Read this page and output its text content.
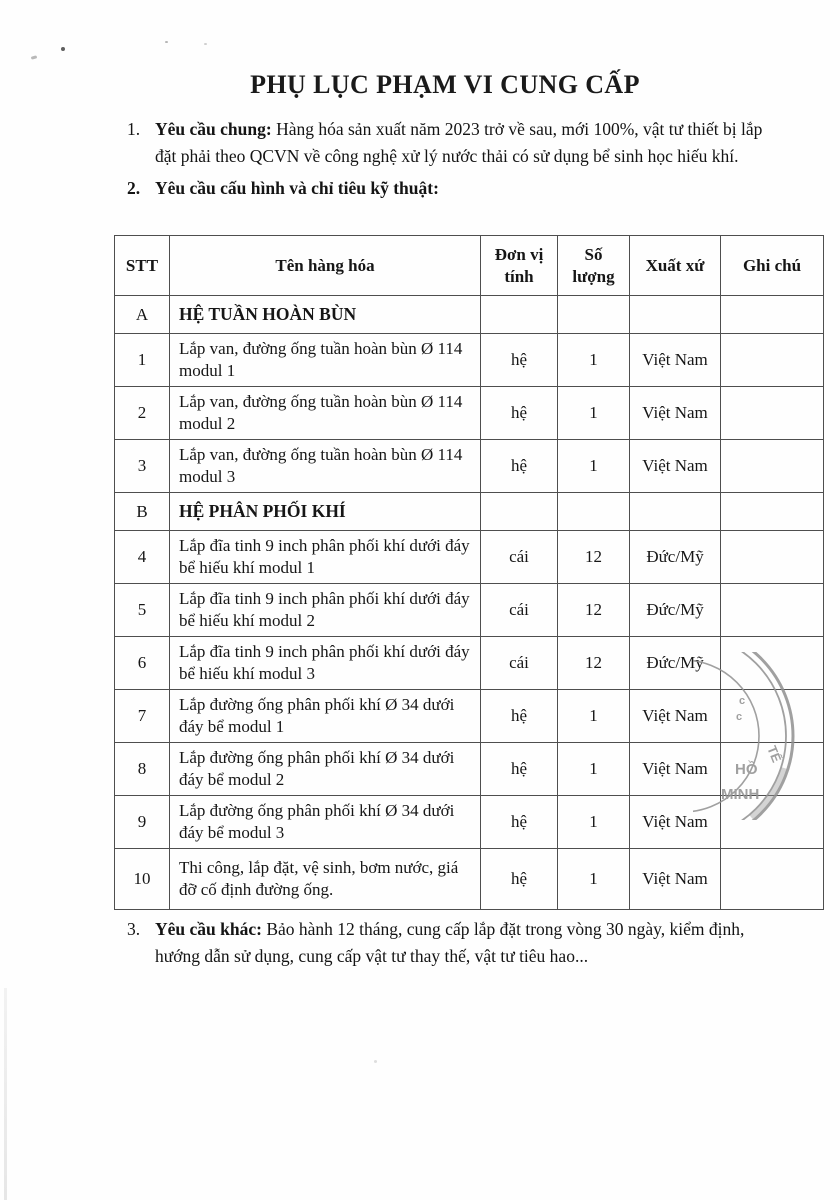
PHỤ LỤC PHẠM VI CUNG CẤP
1. Yêu cầu chung: Hàng hóa sản xuất năm 2023 trở về sau, mới 100%, vật tư thiết bị lắp đặt phải theo QCVN về công nghệ xử lý nước thải có sử dụng bể sinh học hiếu khí.
2. Yêu cầu cấu hình và chỉ tiêu kỹ thuật:
STT	Tên hàng hóa	Đơn vị tính	Số lượng	Xuất xứ	Ghi chú
A	HỆ TUẦN HOÀN BÙN				
1	Lắp van, đường ống tuần hoàn bùn Ø 114 modul 1	hệ	1	Việt Nam	
2	Lắp van, đường ống tuần hoàn bùn Ø 114 modul 2	hệ	1	Việt Nam	
3	Lắp van, đường ống tuần hoàn bùn Ø 114 modul 3	hệ	1	Việt Nam	
B	HỆ PHÂN PHỐI KHÍ				
4	Lắp đĩa tinh 9 inch phân phối khí dưới đáy bể hiếu khí modul 1	cái	12	Đức/Mỹ	
5	Lắp đĩa tinh 9 inch phân phối khí dưới đáy bể hiếu khí modul 2	cái	12	Đức/Mỹ	
6	Lắp đĩa tinh 9 inch phân phối khí dưới đáy bể hiếu khí modul 3	cái	12	Đức/Mỹ	
7	Lắp đường ống phân phối khí Ø 34 dưới đáy bể modul 1	hệ	1	Việt Nam	
8	Lắp đường ống phân phối khí Ø 34 dưới đáy bể modul 2	hệ	1	Việt Nam	
9	Lắp đường ống phân phối khí Ø 34 dưới đáy bể modul 3	hệ	1	Việt Nam	
10	Thi công, lắp đặt, vệ sinh, bơm nước, giá đỡ cố định đường ống.	hệ	1	Việt Nam	
3. Yêu cầu khác: Bảo hành 12 tháng, cung cấp lắp đặt trong vòng 30 ngày, kiểm định, hướng dẫn sử dụng, cung cấp vật tư thay thế, vật tư tiêu hao...
c
c
TẾ
HỒ
MINH
